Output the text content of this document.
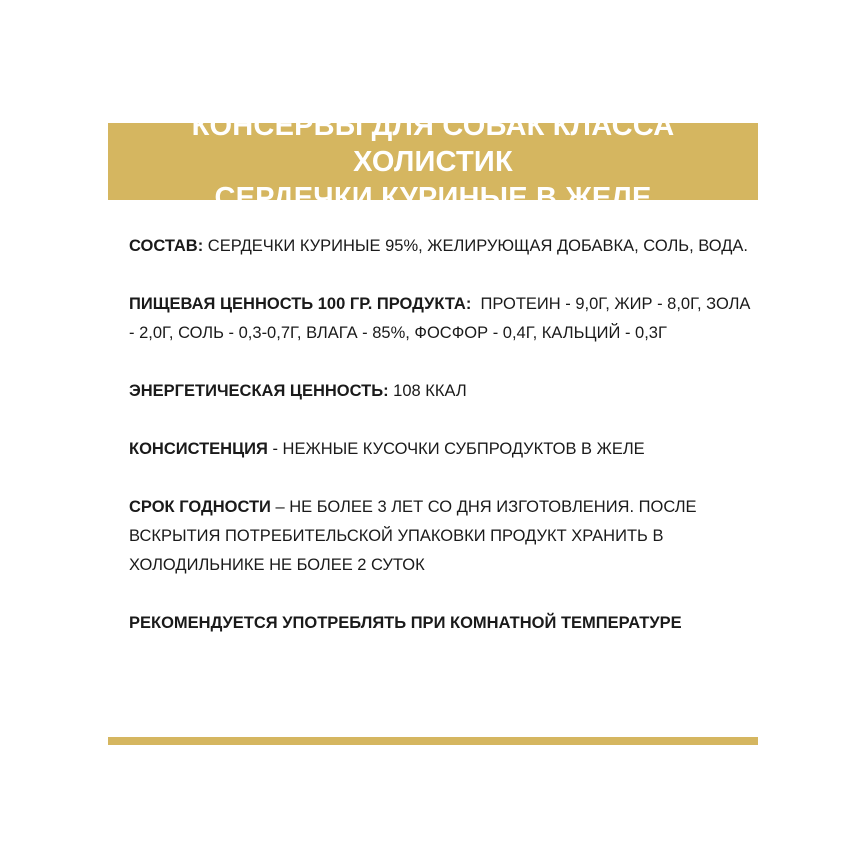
КОНСЕРВЫ ДЛЯ СОБАК КЛАССА ХОЛИСТИК
СЕРДЕЧКИ КУРИНЫЕ В ЖЕЛЕ

СОСТАВ: СЕРДЕЧКИ КУРИНЫЕ 95%, ЖЕЛИРУЮЩАЯ ДОБАВКА, СОЛЬ, ВОДА.

ПИЩЕВАЯ ЦЕННОСТЬ 100 ГР. ПРОДУКТА:  ПРОТЕИН - 9,0Г, ЖИР - 8,0Г, ЗОЛА - 2,0Г, СОЛЬ - 0,3-0,7Г, ВЛАГА - 85%, ФОСФОР - 0,4Г, КАЛЬЦИЙ - 0,3Г

ЭНЕРГЕТИЧЕСКАЯ ЦЕННОСТЬ: 108 ККАЛ

КОНСИСТЕНЦИЯ - НЕЖНЫЕ КУСОЧКИ СУБПРОДУКТОВ В ЖЕЛЕ

СРОК ГОДНОСТИ – НЕ БОЛЕЕ 3 ЛЕТ СО ДНЯ ИЗГОТОВЛЕНИЯ. ПОСЛЕ ВСКРЫТИЯ ПОТРЕБИТЕЛЬСКОЙ УПАКОВКИ ПРОДУКТ ХРАНИТЬ В ХОЛОДИЛЬНИКЕ НЕ БОЛЕЕ 2 СУТОК

РЕКОМЕНДУЕТСЯ УПОТРЕБЛЯТЬ ПРИ КОМНАТНОЙ ТЕМПЕРАТУРЕ
